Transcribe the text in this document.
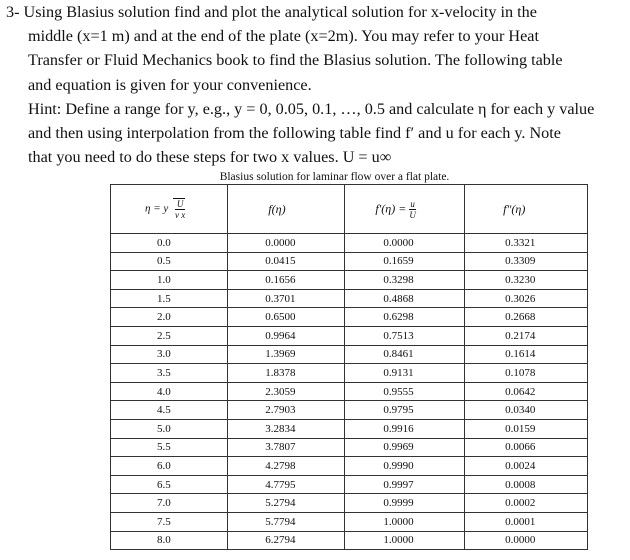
3- Using Blasius solution find and plot the analytical solution for x-velocity in the
middle (x=1 m) and at the end of the plate (x=2m). You may refer to your Heat
Transfer or Fluid Mechanics book to find the Blasius solution. The following table
and equation is given for your convenience.
Hint: Define a range for y, e.g., y = 0, 0.05, 0.1, …, 0.5 and calculate η for each y value
and then using interpolation from the following table find f′ and u for each y. Note
that you need to do these steps for two x values. U = u∞
Blasius solution for laminar flow over a flat plate.
η = y $\frac{U}{\text{ν x}}$	f(η)	$f'(\eta) = \frac{u}{U}$	f″(η)
0.0	0.0000	0.0000	0.3321
0.5	0.0415	0.1659	0.3309
1.0	0.1656	0.3298	0.3230
1.5	0.3701	0.4868	0.3026
2.0	0.6500	0.6298	0.2668
2.5	0.9964	0.7513	0.2174
3.0	1.3969	0.8461	0.1614
3.5	1.8378	0.9131	0.1078
4.0	2.3059	0.9555	0.0642
4.5	2.7903	0.9795	0.0340
5.0	3.2834	0.9916	0.0159
5.5	3.7807	0.9969	0.0066
6.0	4.2798	0.9990	0.0024
6.5	4.7795	0.9997	0.0008
7.0	5.2794	0.9999	0.0002
7.5	5.7794	1.0000	0.0001
8.0	6.2794	1.0000	0.0000
